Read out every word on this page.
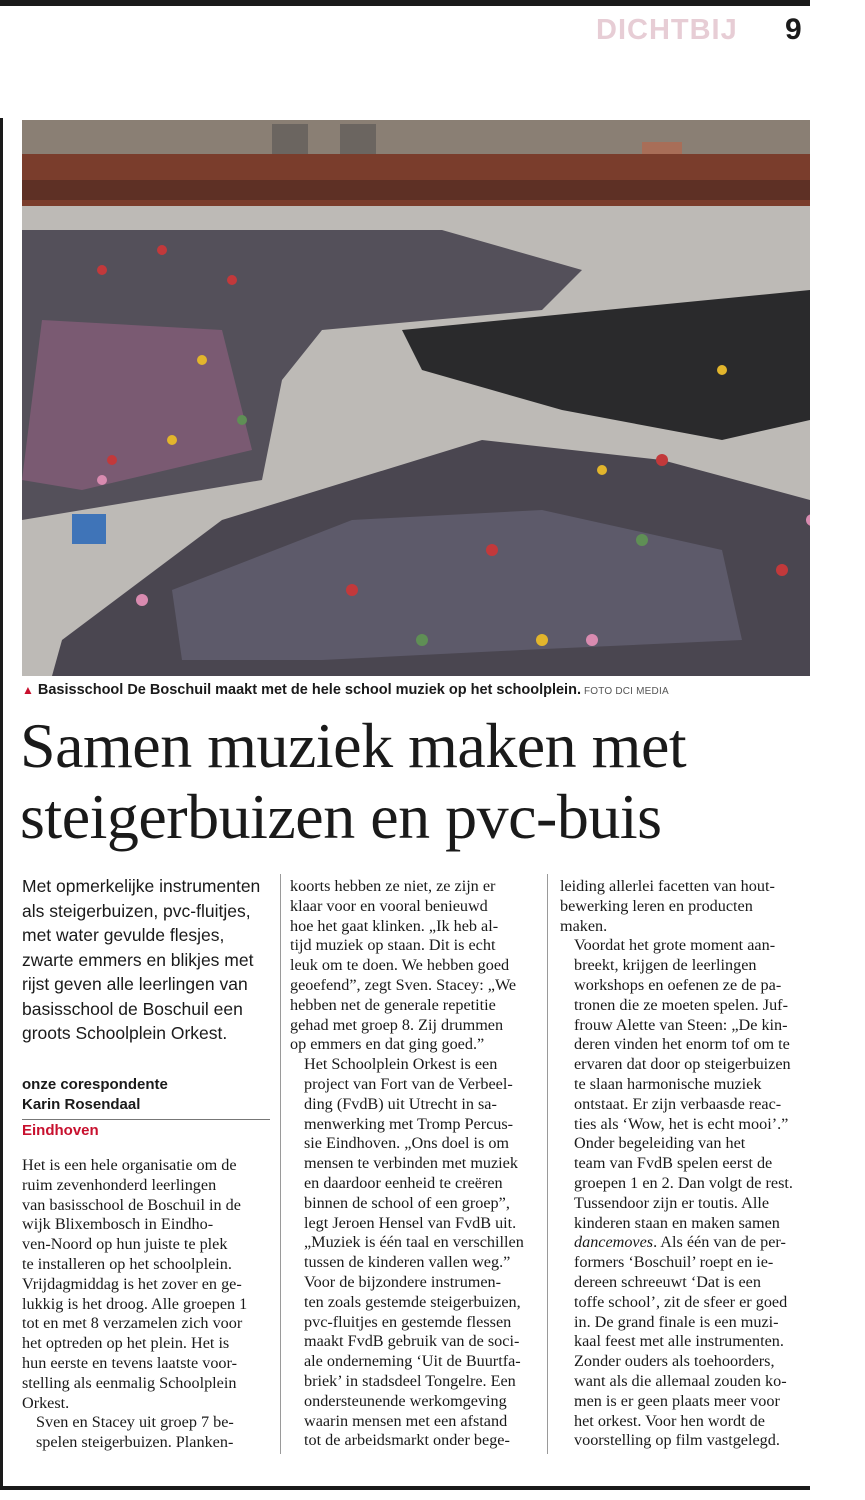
DICHTBIJ 9
▲ Basisschool De Boschuil maakt met de hele school muziek op het schoolplein. FOTO DCI MEDIA
Samen muziek maken met
steigerbuizen en pvc-buis
Met opmerkelijke instrumenten als steigerbuizen, pvc-fluitjes, met water gevulde flesjes, zwarte emmers en blikjes met rijst geven alle leerlingen van basisschool de Boschuil een groots Schoolplein Orkest.
onze corespondente
Karin Rosendaal
Eindhoven

Het is een hele organisatie om de
ruim zevenhonderd leerlingen
van basisschool de Boschuil in de
wijk Blixembosch in Eindho-
ven-Noord op hun juiste te plek
te installeren op het schoolplein.
Vrijdagmiddag is het zover en ge-
lukkig is het droog. Alle groepen 1
tot en met 8 verzamelen zich voor
het optreden op het plein. Het is
hun eerste en tevens laatste voor-
stelling als eenmalig Schoolplein
Orkest.

Sven en Stacey uit groep 7 be-
spelen steigerbuizen. Planken-

koorts hebben ze niet, ze zijn er
klaar voor en vooral benieuwd
hoe het gaat klinken. „Ik heb al-
tijd muziek op staan. Dit is echt
leuk om te doen. We hebben goed
geoefend”, zegt Sven. Stacey: „We
hebben net de generale repetitie
gehad met groep 8. Zij drummen
op emmers en dat ging goed.”

Het Schoolplein Orkest is een
project van Fort van de Verbeel-
ding (FvdB) uit Utrecht in sa-
menwerking met Tromp Percus-
sie Eindhoven. „Ons doel is om
mensen te verbinden met muziek
en daardoor eenheid te creëren
binnen de school of een groep”,
legt Jeroen Hensel van FvdB uit.
„Muziek is één taal en verschillen
tussen de kinderen vallen weg.”

Voor de bijzondere instrumen-
ten zoals gestemde steigerbuizen,
pvc-fluitjes en gestemde flessen
maakt FvdB gebruik van de soci-
ale onderneming ‘Uit de Buurtfa-
briek’ in stadsdeel Tongelre. Een
ondersteunende werkomgeving
waarin mensen met een afstand
tot de arbeidsmarkt onder bege-

leiding allerlei facetten van hout-
bewerking leren en producten
maken.

Voordat het grote moment aan-
breekt, krijgen de leerlingen
workshops en oefenen ze de pa-
tronen die ze moeten spelen. Juf-
frouw Alette van Steen: „De kin-
deren vinden het enorm tof om te
ervaren dat door op steigerbuizen
te slaan harmonische muziek
ontstaat. Er zijn verbaasde reac-
ties als ‘Wow, het is echt mooi’.”

Onder begeleiding van het
team van FvdB spelen eerst de
groepen 1 en 2. Dan volgt de rest.
Tussendoor zijn er toutis. Alle
kinderen staan en maken samen
dancemoves. Als één van de per-
formers ‘Boschuil’ roept en ie-
dereen schreeuwt ‘Dat is een
toffe school’, zit de sfeer er goed
in. De grand finale is een muzi-
kaal feest met alle instrumenten.
Zonder ouders als toehoorders,
want als die allemaal zouden ko-
men is er geen plaats meer voor
het orkest. Voor hen wordt de
voorstelling op film vastgelegd.
